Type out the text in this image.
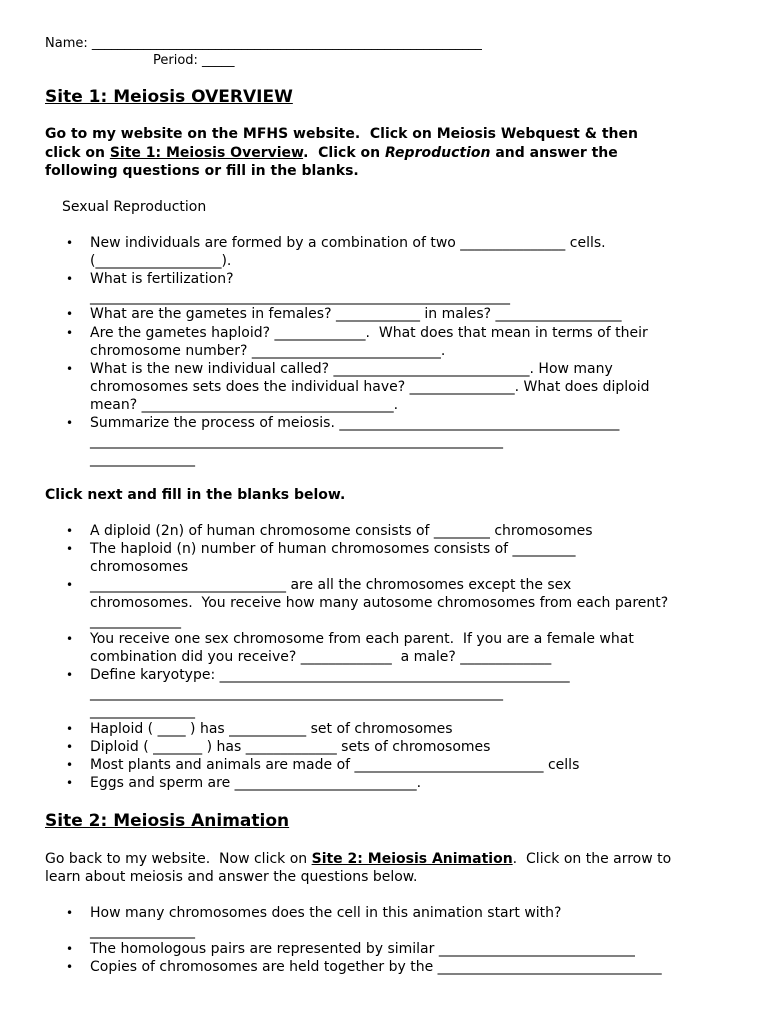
Name: ____________________________________________________________
Period: _____
Site 1: Meiosis OVERVIEW
Go to my website on the MFHS website.  Click on Meiosis Webquest & then
click on Site 1: Meiosis Overview.  Click on Reproduction and answer the
following questions or fill in the blanks.
Sexual Reproduction
• New individuals are formed by a combination of two _______________ cells.
(__________________).
• What is fertilization?
____________________________________________________________
• What are the gametes in females? ____________ in males? __________________
• Are the gametes haploid? _____________.  What does that mean in terms of their
chromosome number? ___________________________.
• What is the new individual called? ____________________________. How many
chromosomes sets does the individual have? _______________. What does diploid
mean? ____________________________________.
• Summarize the process of meiosis. ________________________________________
___________________________________________________________
_______________
Click next and fill in the blanks below.
• A diploid (2n) of human chromosome consists of ________ chromosomes
• The haploid (n) number of human chromosomes consists of _________
chromosomes
• ____________________________ are all the chromosomes except the sex
chromosomes.  You receive how many autosome chromosomes from each parent?
_____________
• You receive one sex chromosome from each parent.  If you are a female what
combination did you receive? _____________  a male? _____________
• Define karyotype: __________________________________________________
___________________________________________________________
_______________
• Haploid ( ____ ) has ___________ set of chromosomes
• Diploid ( _______ ) has _____________ sets of chromosomes
• Most plants and animals are made of ___________________________ cells
• Eggs and sperm are __________________________.
Site 2: Meiosis Animation
Go back to my website.  Now click on Site 2: Meiosis Animation.  Click on the arrow to
learn about meiosis and answer the questions below.
• How many chromosomes does the cell in this animation start with?
_______________
• The homologous pairs are represented by similar ____________________________
• Copies of chromosomes are held together by the ________________________________
